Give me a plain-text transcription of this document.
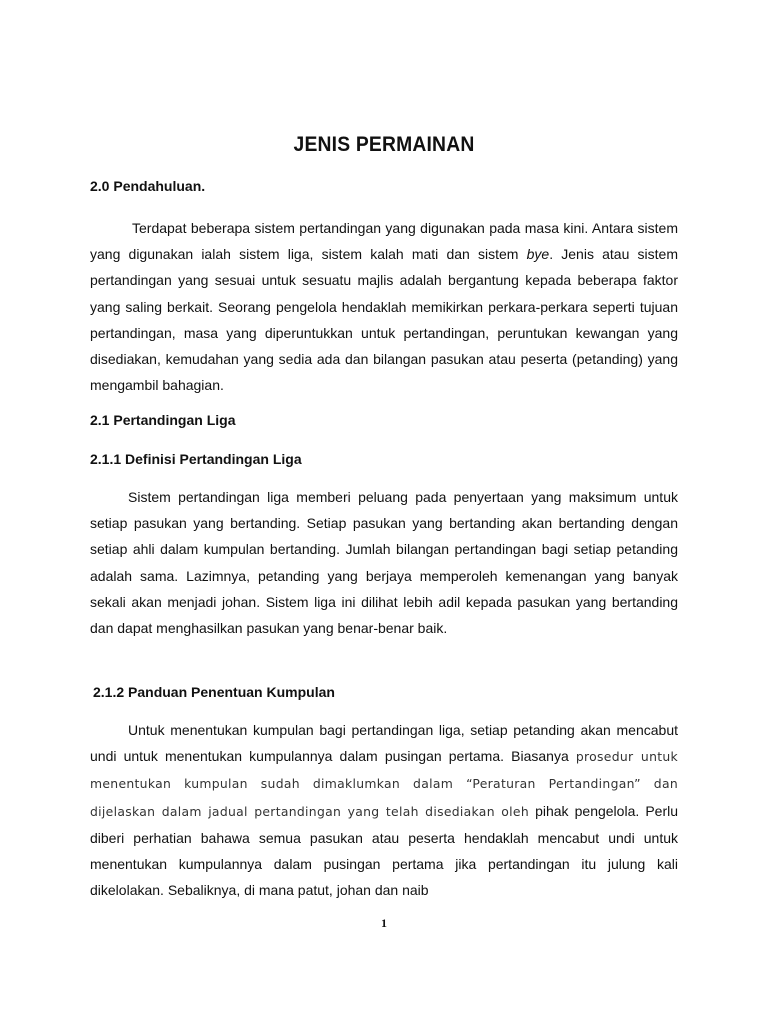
JENIS PERMAINAN
2.0 Pendahuluan.

Terdapat beberapa sistem pertandingan yang digunakan pada masa kini. Antara sistem yang digunakan ialah sistem liga, sistem kalah mati dan sistem bye. Jenis atau sistem pertandingan yang sesuai untuk sesuatu majlis adalah bergantung kepada beberapa faktor yang saling berkait. Seorang pengelola hendaklah memikirkan perkara-perkara seperti tujuan pertandingan, masa yang diperuntukkan untuk pertandingan, peruntukan kewangan yang disediakan, kemudahan yang sedia ada dan bilangan pasukan atau peserta (petanding) yang mengambil bahagian.

2.1 Pertandingan Liga
2.1.1 Definisi Pertandingan Liga

Sistem pertandingan liga memberi peluang pada penyertaan yang maksimum untuk setiap pasukan yang bertanding. Setiap pasukan yang bertanding akan bertanding dengan setiap ahli dalam kumpulan bertanding. Jumlah bilangan pertandingan bagi setiap petanding adalah sama. Lazimnya, petanding yang berjaya memperoleh kemenangan yang banyak sekali akan menjadi johan. Sistem liga ini dilihat lebih adil kepada pasukan yang bertanding dan dapat menghasilkan pasukan yang benar-benar baik.

2.1.2 Panduan Penentuan Kumpulan

Untuk menentukan kumpulan bagi pertandingan liga, setiap petanding akan mencabut undi untuk menentukan kumpulannya dalam pusingan pertama. Biasanya prosedur untuk menentukan kumpulan sudah dimaklumkan dalam “Peraturan Pertandingan” dan dijelaskan dalam jadual pertandingan yang telah disediakan oleh pihak pengelola. Perlu diberi perhatian bahawa semua pasukan atau peserta hendaklah mencabut undi untuk menentukan kumpulannya dalam pusingan pertama jika pertandingan itu julung kali dikelolakan. Sebaliknya, di mana patut, johan dan naib

1
